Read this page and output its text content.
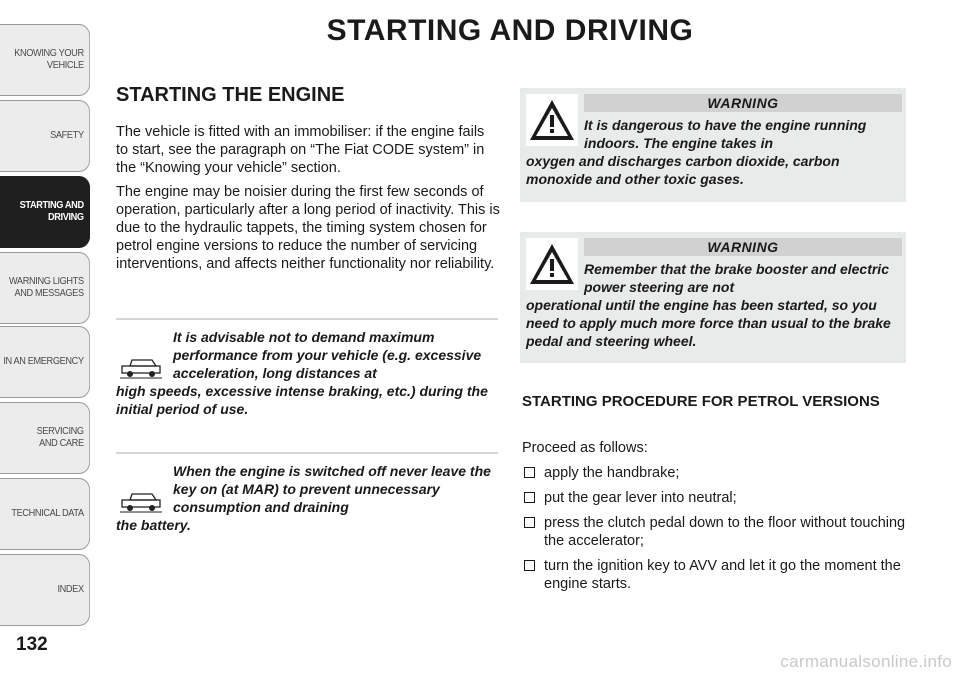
KNOWING YOUR VEHICLE
SAFETY
STARTING AND DRIVING
WARNING LIGHTS AND MESSAGES
IN AN EMERGENCY
SERVICING AND CARE
TECHNICAL DATA
INDEX
132
STARTING AND DRIVING
STARTING THE ENGINE
The vehicle is fitted with an immobiliser: if the engine fails to start, see the paragraph on “The Fiat CODE system” in the “Knowing your vehicle” section.
The engine may be noisier during the first few seconds of operation, particularly after a long period of inactivity. This is due to the hydraulic tappets, the timing system chosen for petrol engine versions to reduce the number of servicing interventions, and affects neither functionality nor reliability.
It is advisable not to demand maximum performance from your vehicle (e.g. excessive acceleration, long distances at
high speeds, excessive intense braking, etc.) during the initial period of use.
When the engine is switched off never leave the key on (at MAR) to prevent unnecessary consumption and draining
the battery.
WARNING
It is dangerous to have the engine running indoors. The engine takes in
oxygen and discharges carbon dioxide, carbon monoxide and other toxic gases.
WARNING
Remember that the brake booster and electric power steering are not
operational until the engine has been started, so you need to apply much more force than usual to the brake pedal and steering wheel.
STARTING PROCEDURE FOR PETROL VERSIONS
Proceed as follows:
apply the handbrake;
put the gear lever into neutral;
press the clutch pedal down to the floor without touching the accelerator;
turn the ignition key to AVV and let it go the moment the engine starts.
carmanualsonline.info
